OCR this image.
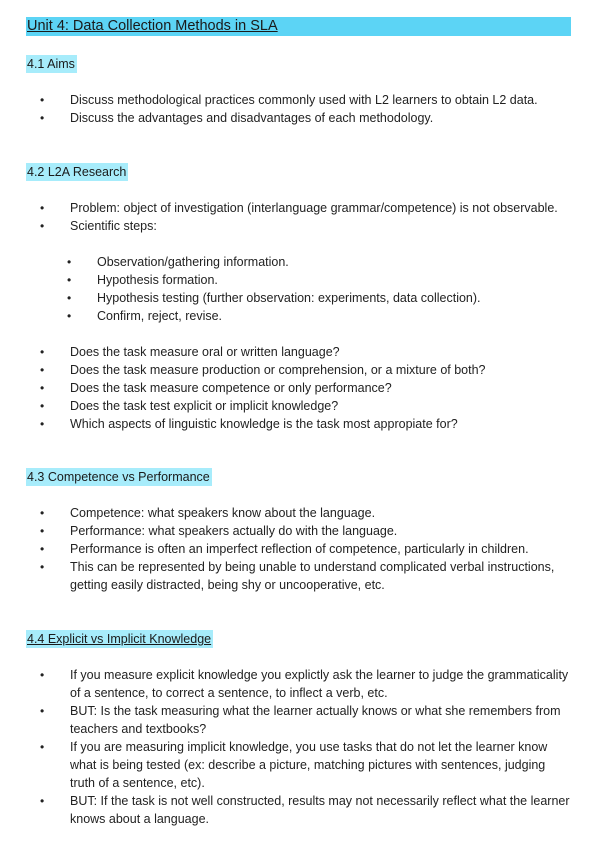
Unit 4: Data Collection Methods in SLA
4.1 Aims
• Discuss methodological practices commonly used with L2 learners to obtain L2 data.
• Discuss the advantages and disadvantages of each methodology.
4.2 L2A Research
• Problem: object of investigation (interlanguage grammar/competence) is not observable.
• Scientific steps:
• Observation/gathering information.
• Hypothesis formation.
• Hypothesis testing (further observation: experiments, data collection).
• Confirm, reject, revise.
• Does the task measure oral or written language?
• Does the task measure production or comprehension, or a mixture of both?
• Does the task measure competence or only performance?
• Does the task test explicit or implicit knowledge?
• Which aspects of linguistic knowledge is the task most appropiate for?
4.3 Competence vs Performance
• Competence: what speakers know about the language.
• Performance: what speakers actually do with the language.
• Performance is often an imperfect reflection of competence, particularly in children.
• This can be represented by being unable to understand complicated verbal instructions, getting easily distracted, being shy or uncooperative, etc.
4.4 Explicit vs Implicit Knowledge
• If you measure explicit knowledge you explictly ask the learner to judge the grammaticality of a sentence, to correct a sentence, to inflect a verb, etc.
• BUT: Is the task measuring what the learner actually knows or what she remembers from teachers and textbooks?
• If you are measuring implicit knowledge, you use tasks that do not let the learner know what is being tested (ex: describe a picture, matching pictures with sentences, judging truth of a sentence, etc).
• BUT: If the task is not well constructed, results may not necessarily reflect what the learner knows about a language.
